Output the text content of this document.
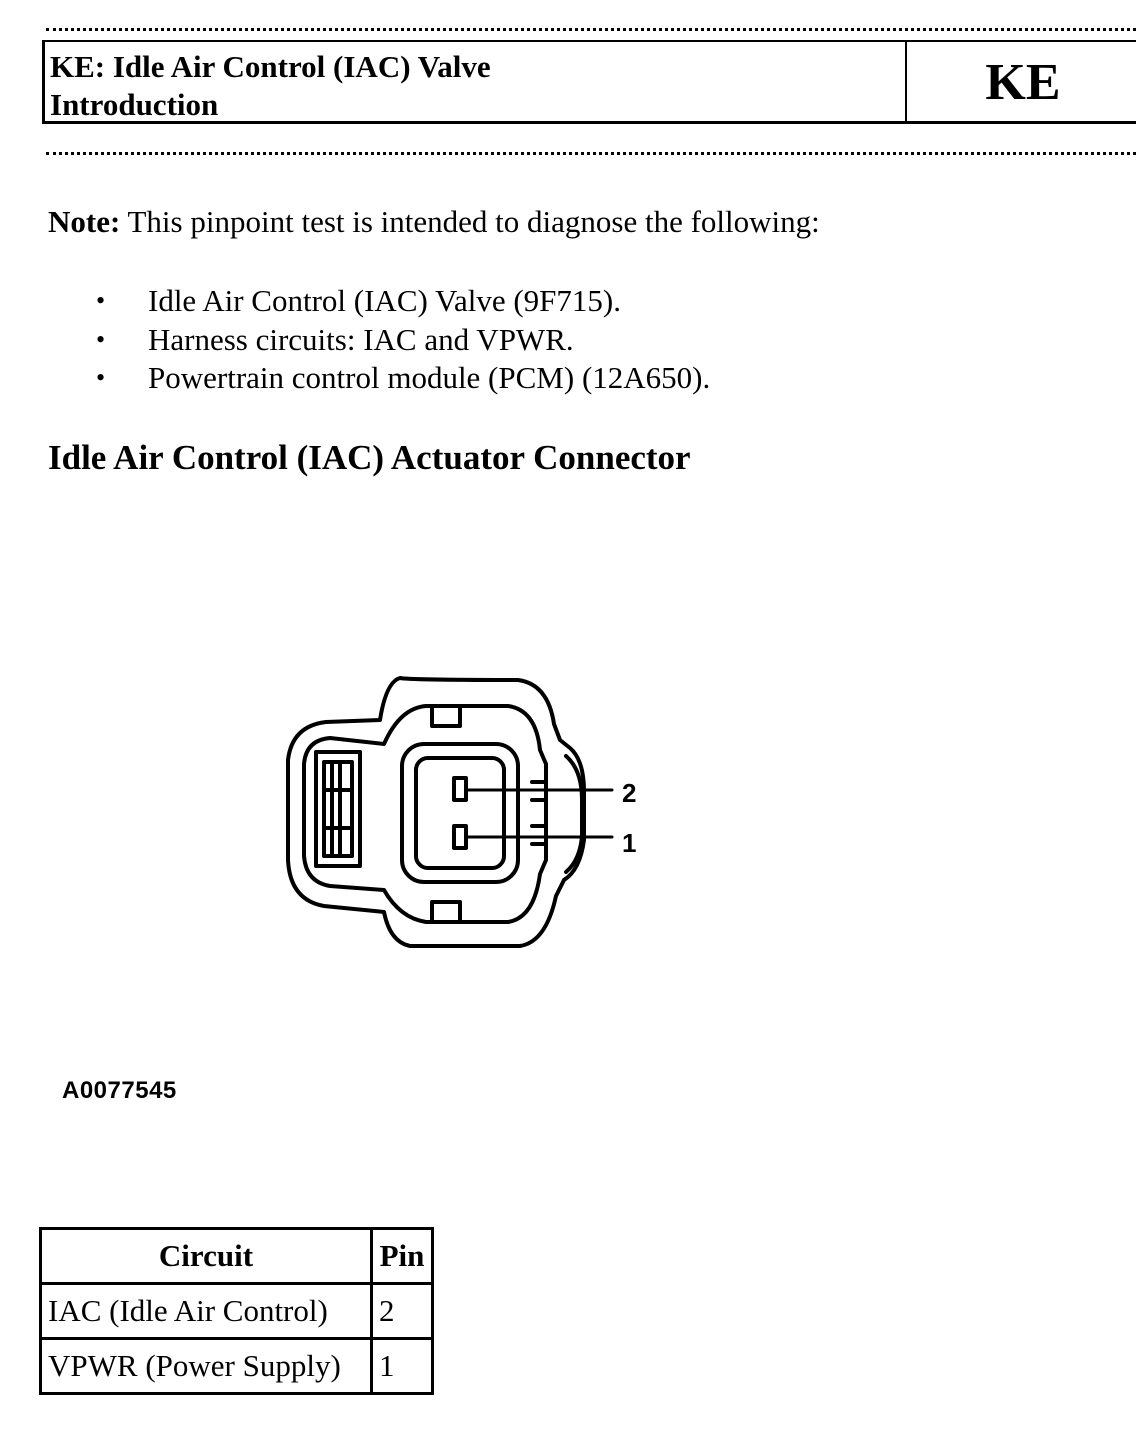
KE: Idle Air Control (IAC) Valve
Introduction	KE
Note: This pinpoint test is intended to diagnose the following:
• Idle Air Control (IAC) Valve (9F715).
• Harness circuits: IAC and VPWR.
• Powertrain control module (PCM) (12A650).
Idle Air Control (IAC) Actuator Connector
2
1
A0077545
Circuit	Pin
IAC (Idle Air Control)	2
VPWR (Power Supply)	1
